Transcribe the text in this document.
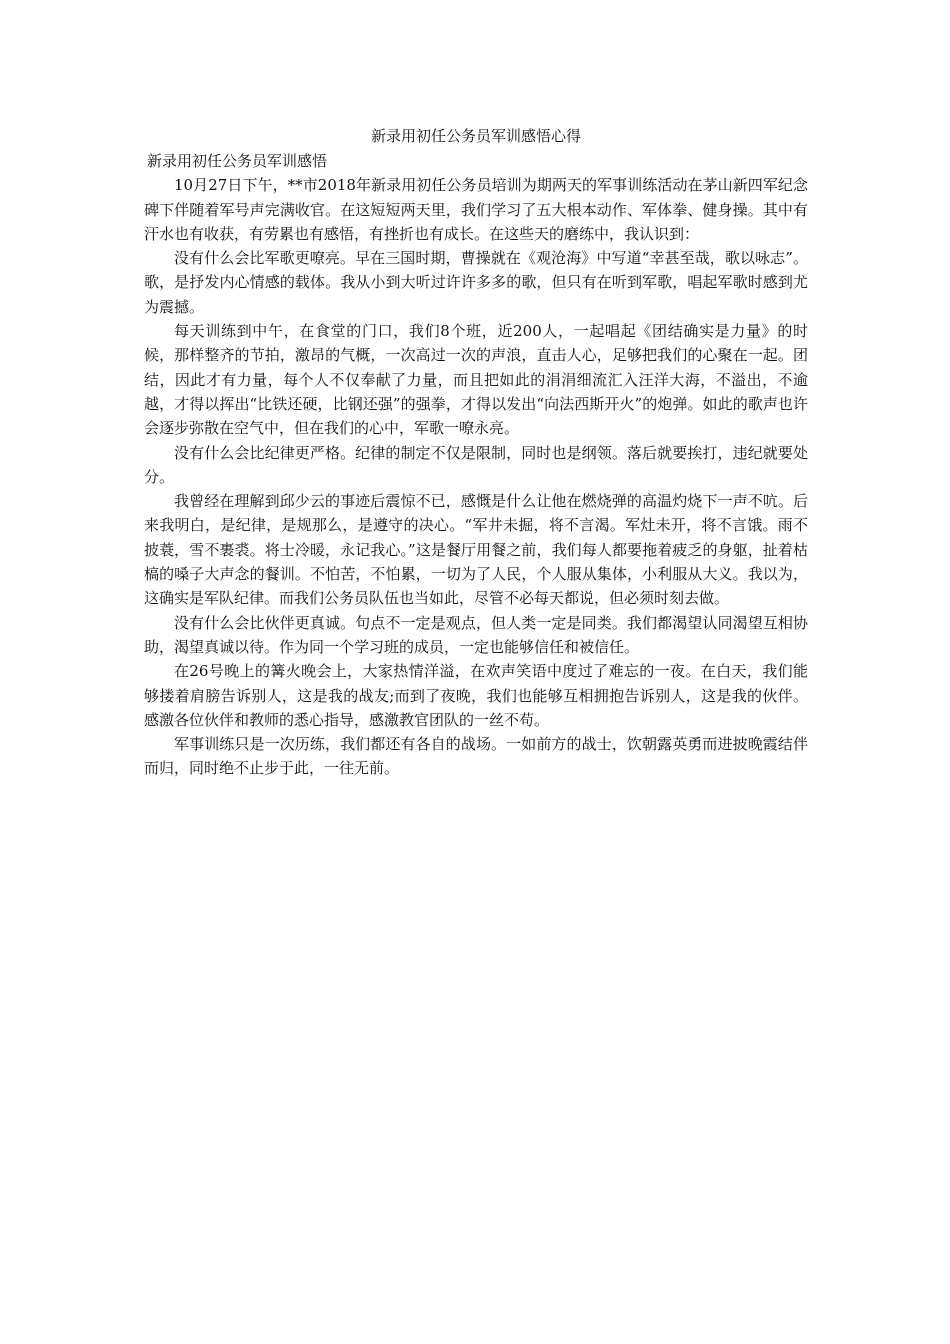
新录用初任公务员军训感悟心得

新录用初任公务员军训感悟

10月27日下午，**市2018年新录用初任公务员培训为期两天的军事训练活动在茅山新四军纪念碑下伴随着军号声完满收官。在这短短两天里，我们学习了五大根本动作、军体拳、健身操。其中有汗水也有收获，有劳累也有感悟，有挫折也有成长。在这些天的磨练中，我认识到：

没有什么会比军歌更嘹亮。早在三国时期，曹操就在《观沧海》中写道“幸甚至哉，歌以咏志”。歌，是抒发内心情感的载体。我从小到大听过许许多多的歌，但只有在听到军歌，唱起军歌时感到尤为震撼。

每天训练到中午，在食堂的门口，我们8个班，近200人，一起唱起《团结确实是力量》的时候，那样整齐的节拍，激昂的气概，一次高过一次的声浪，直击人心，足够把我们的心聚在一起。团结，因此才有力量，每个人不仅奉献了力量，而且把如此的涓涓细流汇入汪洋大海，不溢出，不逾越，才得以挥出“比铁还硬，比钢还强”的强拳，才得以发出“向法西斯开火”的炮弹。如此的歌声也许会逐步弥散在空气中，但在我们的心中，军歌一嘹永亮。

没有什么会比纪律更严格。纪律的制定不仅是限制，同时也是纲领。落后就要挨打，违纪就要处分。

我曾经在理解到邱少云的事迹后震惊不已，感慨是什么让他在燃烧弹的高温灼烧下一声不吭。后来我明白，是纪律，是规那么，是遵守的决心。“军井未掘，将不言渴。军灶未开，将不言饿。雨不披蓑，雪不裹裘。将士冷暖，永记我心。”这是餐厅用餐之前，我们每人都要拖着疲乏的身躯，扯着枯槁的嗓子大声念的餐训。不怕苦，不怕累，一切为了人民，个人服从集体，小利服从大义。我以为，这确实是军队纪律。而我们公务员队伍也当如此，尽管不必每天都说，但必须时刻去做。

没有什么会比伙伴更真诚。句点不一定是观点，但人类一定是同类。我们都渴望认同渴望互相协助，渴望真诚以待。作为同一个学习班的成员，一定也能够信任和被信任。

在26号晚上的篝火晚会上，大家热情洋溢，在欢声笑语中度过了难忘的一夜。在白天，我们能够搂着肩膀告诉别人，这是我的战友;而到了夜晚，我们也能够互相拥抱告诉别人，这是我的伙伴。感激各位伙伴和教师的悉心指导，感激教官团队的一丝不苟。

军事训练只是一次历练，我们都还有各自的战场。一如前方的战士，饮朝露英勇而进披晚霞结伴而归，同时绝不止步于此，一往无前。
